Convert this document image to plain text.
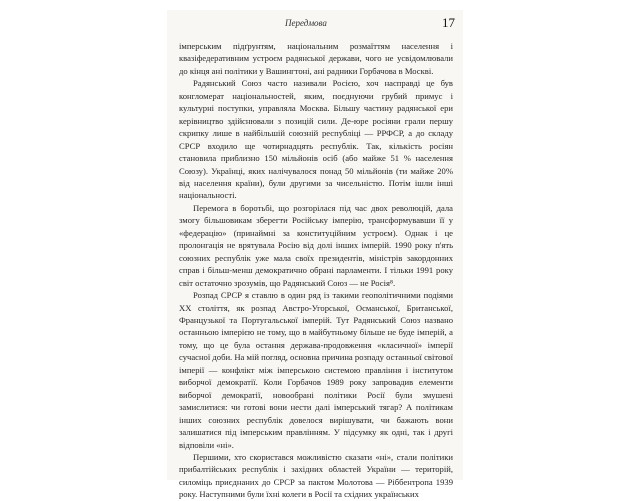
Передмова	17

імперським підґрунтям, національним розмаїттям населення і квазіфедеративним устроєм радянської держави, чого не усвідомлювали до кінця ані політики у Вашингтоні, ані радники Горбачова в Москві.

Радянський Союз часто називали Росією, хоч насправді це був конгломерат національностей, яким, поєднуючи грубий примус і культурні поступки, управляла Москва. Більшу частину радянської ери керівництво здійснювали з позицій сили. Де-юре росіяни грали першу скрипку лише в найбільшій союзній республіці — РРФСР, а до складу СРСР входило ще чотирнадцять республік. Так, кількість росіян становила приблизно 150 мільйонів осіб (або майже 51 % населення Союзу). Українці, яких налічувалося понад 50 мільйонів (ти майже 20% від населення країни), були другими за чисельністю. Потім ішли інші національності.

Перемога в боротьбі, що розгорілася під час двох революцій, дала змогу більшовикам зберегти Російську імперію, трансформувавши її у «федерацію» (принаймні за конституційним устроєм). Однак і це пролонгація не врятувала Росію від долі інших імперій. 1990 року п'ять союзних республік уже мала своїх президентів, міністрів закордонних справ і більш-менш демократично обрані парламенти. І тільки 1991 року світ остаточно зрозумів, що Радянський Союз — не Росія⁸.

Розпад СРСР я ставлю в один ряд із такими геополітичними подіями ХХ століття, як розпад Австро-Угорської, Османської, Британської, Французької та Португальської імперій. Тут Радянський Союз названо останньою імперією не тому, що в майбутньому більше не буде імперій, а тому, що це була остання держава-продовження «класичної» імперії сучасної доби. На мій погляд, основна причина розпаду останньої світової імперії — конфлікт між імперською системою правління і інститутом виборчої демократії. Коли Горбачов 1989 року запровадив елементи виборчої демократії, новообрані політики Росії були змушені замислитися: чи готові вони нести далі імперський тягар? А політикам інших союзних республік довелося вирішувати, чи бажають вони залишатися під імперським правлінням. У підсумку як одні, так і другі відповіли «ні».

Першими, хто скористався можливістю сказати «ні», стали політики прибалтійських республік і західних областей України — територій, силоміць приєднаних до СРСР за пактом Молотова — Ріббентропа 1939 року. Наступними були їхні колеги в Росії та східних українських
